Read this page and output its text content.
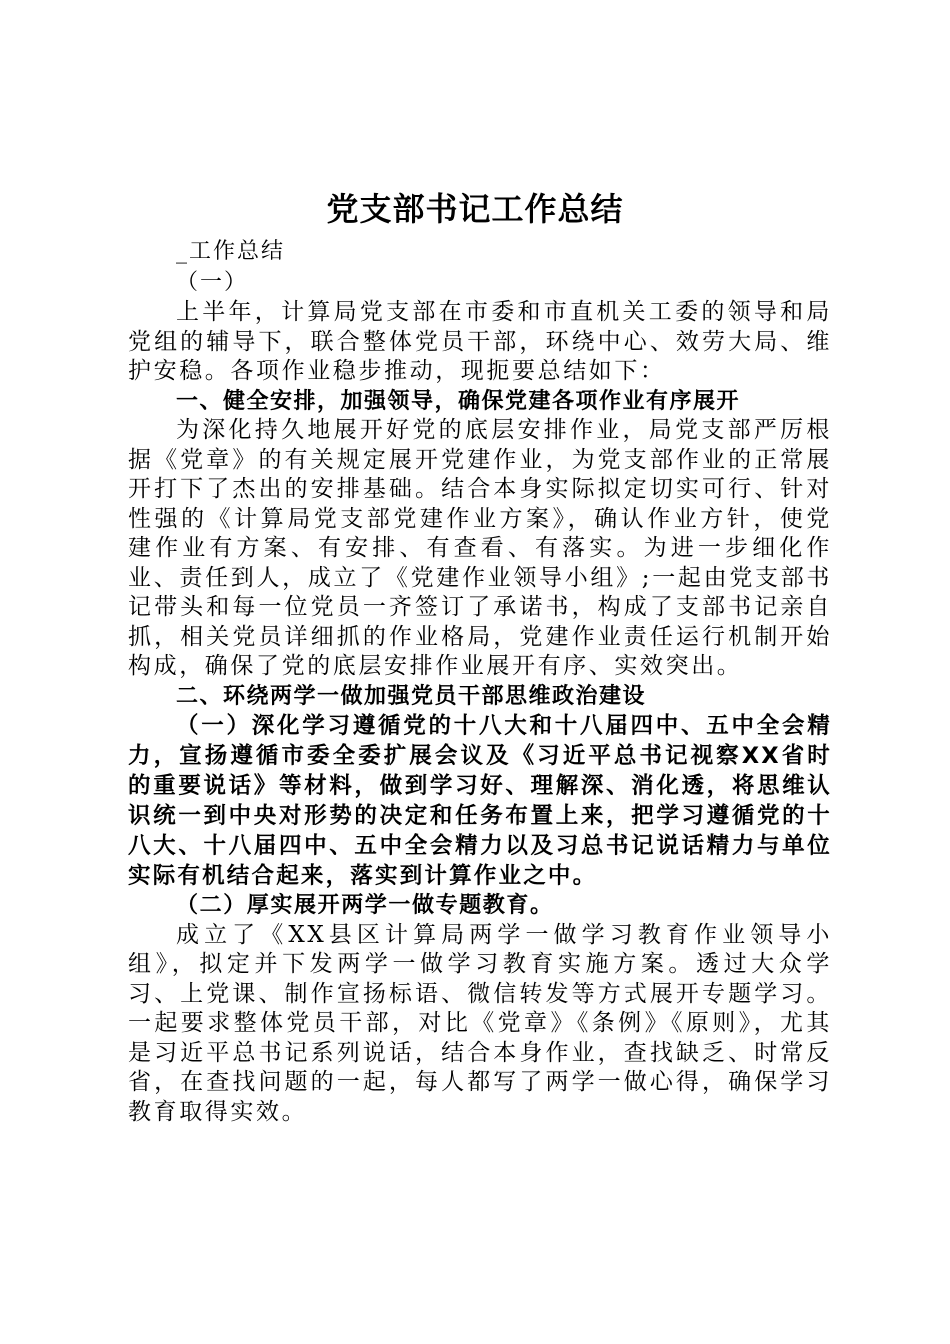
党支部书记工作总结

_工作总结

（一）

上半年，计算局党支部在市委和市直机关工委的领导和局党组的辅导下，联合整体党员干部，环绕中心、效劳大局、维护安稳。各项作业稳步推动，现扼要总结如下：

一、健全安排，加强领导，确保党建各项作业有序展开

为深化持久地展开好党的底层安排作业，局党支部严厉根据《党章》的有关规定展开党建作业，为党支部作业的正常展开打下了杰出的安排基础。结合本身实际拟定切实可行、针对性强的《计算局党支部党建作业方案》，确认作业方针，使党建作业有方案、有安排、有查看、有落实。为进一步细化作业、责任到人，成立了《党建作业领导小组》;一起由党支部书记带头和每一位党员一齐签订了承诺书，构成了支部书记亲自抓，相关党员详细抓的作业格局，党建作业责任运行机制开始构成，确保了党的底层安排作业展开有序、实效突出。

二、环绕两学一做加强党员干部思维政治建设

（一）深化学习遵循党的十八大和十八届四中、五中全会精力，宣扬遵循市委全委扩展会议及《习近平总书记视察XX省时的重要说话》等材料，做到学习好、理解深、消化透，将思维认识统一到中央对形势的决定和任务布置上来，把学习遵循党的十八大、十八届四中、五中全会精力以及习总书记说话精力与单位实际有机结合起来，落实到计算作业之中。

（二）厚实展开两学一做专题教育。

成立了《XX县区计算局两学一做学习教育作业领导小组》，拟定并下发两学一做学习教育实施方案。透过大众学习、上党课、制作宣扬标语、微信转发等方式展开专题学习。一起要求整体党员干部，对比《党章》《条例》《原则》，尤其是习近平总书记系列说话，结合本身作业，查找缺乏、时常反省，在查找问题的一起，每人都写了两学一做心得，确保学习教育取得实效。
